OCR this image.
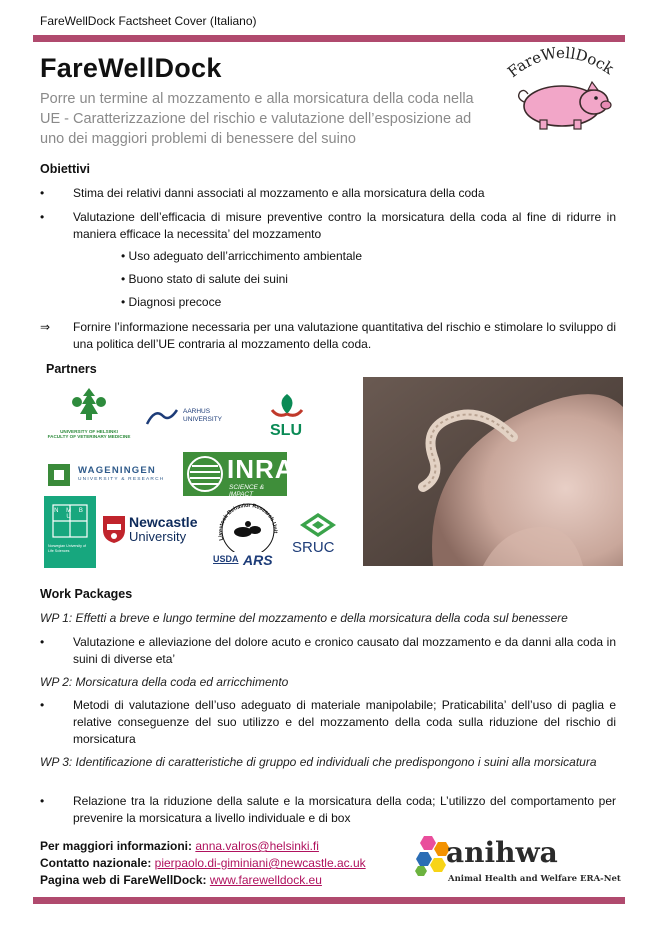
FareWellDock Factsheet Cover (Italiano)
FareWellDock
Porre un termine al mozzamento e alla morsicatura della coda nella UE - Caratterizzazione del rischio e valutazione dell’esposizione ad uno dei maggiori problemi di benessere del suino
FareWellDock
Obiettivi
•	Stima dei relativi danni associati al mozzamento e alla morsicatura della coda
•	Valutazione dell’efficacia di misure preventive contro la morsicatura della coda al fine di ridurre in maniera efficace la necessita’ del mozzamento
• Uso adeguato dell’arricchimento ambientale
• Buono stato di salute dei suini
• Diagnosi precoce
⇒	Fornire l’informazione necessaria per una valutazione quantitativa del rischio e stimolare lo sviluppo di una politica dell’UE contraria al mozzamento della coda.
Partners
UNIVERSITY OF HELSINKI
FACULTY OF VETERINARY MEDICINE
AARHUS
UNIVERSITY
SLU
WAGENINGEN
UNIVERSITY & RESEARCH INRA
SCIENCE & IMPACT
N M B U
Norwegian University of Life Sciences
Newcastle
University	Livestock Behavior Research Unit
USDA ARS
SRUC
Work Packages
WP 1: Effetti a breve e lungo termine del mozzamento e della morsicatura della coda sul benessere
•	Valutazione e alleviazione del dolore acuto e cronico causato dal mozzamento e da danni alla coda in suini di diverse eta’
WP 2: Morsicatura della coda ed arricchimento
•	Metodi di valutazione dell’uso adeguato di materiale manipolabile; Praticabilita’ dell’uso di paglia e relative conseguenze del suo utilizzo e del mozzamento della coda sulla riduzione del rischio di morsicatura
WP 3: Identificazione di caratteristiche di gruppo ed individuali che predispongono i suini alla morsicatura
•	Relazione tra la riduzione della salute e la morsicatura della coda; L’utilizzo del comportamento per prevenire la morsicatura a livello individuale e di box
Per maggiori informazioni: anna.valros@helsinki.fi
Contatto nazionale: pierpaolo.di-giminiani@newcastle.ac.uk
Pagina web di FareWellDock: www.farewelldock.eu
anihwa
Animal Health and Welfare ERA-Net
